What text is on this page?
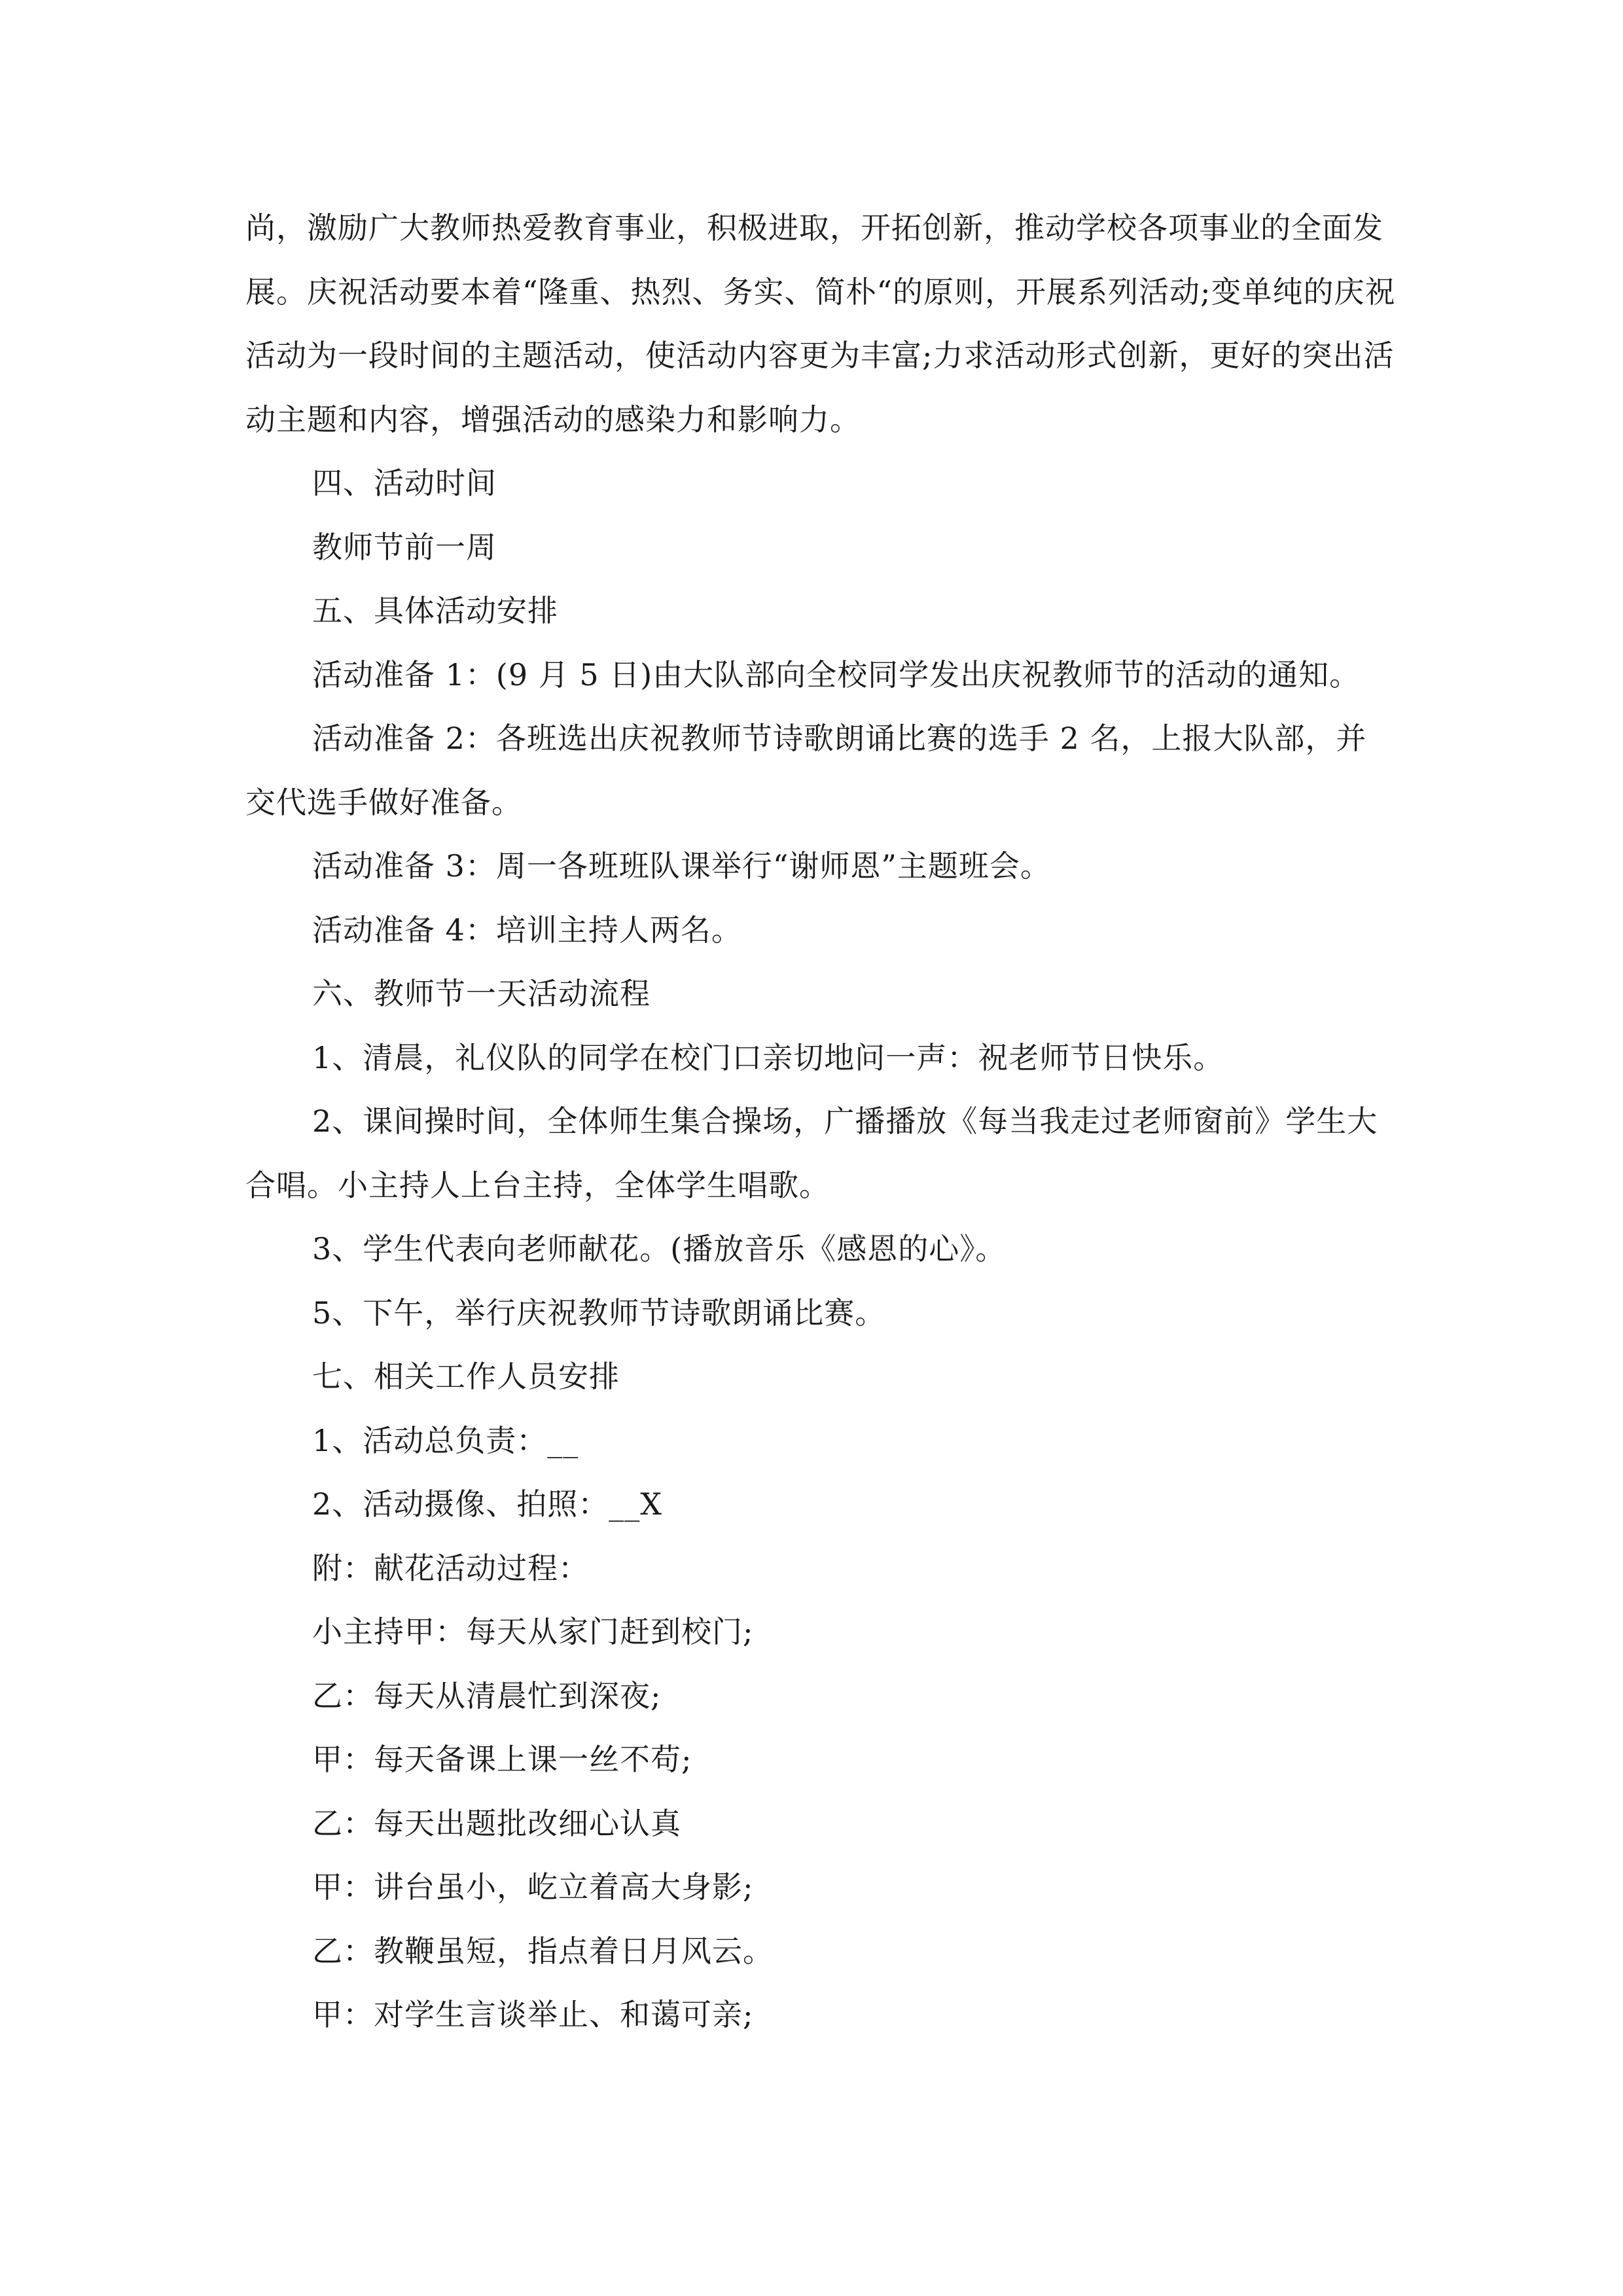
尚，激励广大教师热爱教育事业，积极进取，开拓创新，推动学校各项事业的全面发展。庆祝活动要本着“隆重、热烈、务实、简朴“的原则，开展系列活动;变单纯的庆祝活动为一段时间的主题活动，使活动内容更为丰富;力求活动形式创新，更好的突出活动主题和内容，增强活动的感染力和影响力。

四、活动时间

教师节前一周

五、具体活动安排

活动准备 1：(9 月 5 日)由大队部向全校同学发出庆祝教师节的活动的通知。

活动准备 2：各班选出庆祝教师节诗歌朗诵比赛的选手 2 名，上报大队部，并交代选手做好准备。

活动准备 3：周一各班班队课举行“谢师恩”主题班会。

活动准备 4：培训主持人两名。

六、教师节一天活动流程

1、清晨，礼仪队的同学在校门口亲切地问一声：祝老师节日快乐。

2、课间操时间，全体师生集合操场，广播播放《每当我走过老师窗前》学生大合唱。小主持人上台主持，全体学生唱歌。

3、学生代表向老师献花。(播放音乐《感恩的心》。

5、下午，举行庆祝教师节诗歌朗诵比赛。

七、相关工作人员安排

1、活动总负责：__

2、活动摄像、拍照：__X

附：献花活动过程：

小主持甲：每天从家门赶到校门;

乙：每天从清晨忙到深夜;

甲：每天备课上课一丝不苟;

乙：每天出题批改细心认真

甲：讲台虽小，屹立着高大身影;

乙：教鞭虽短，指点着日月风云。

甲：对学生言谈举止、和蔼可亲;
